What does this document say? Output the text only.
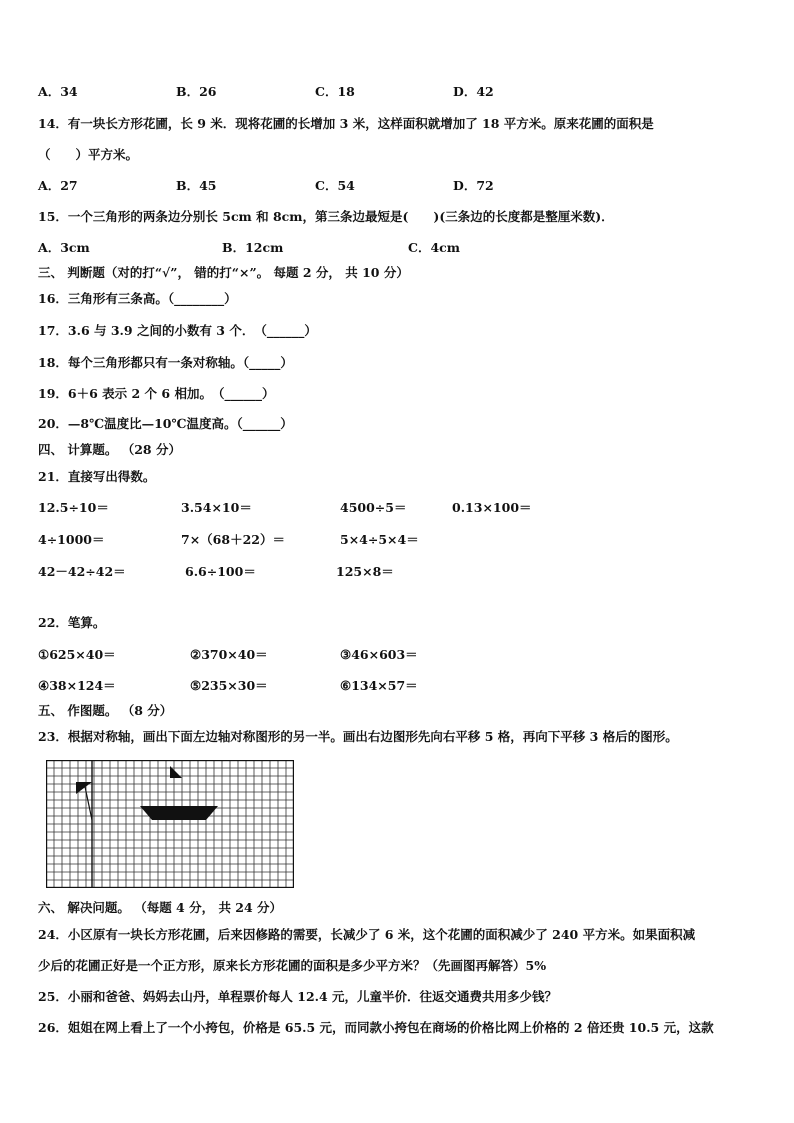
A．34	B．26	C．18	D．42
14．有一块长方形花圃，长 9 米．现将花圃的长增加 3 米，这样面积就增加了 18 平方米。原来花圃的面积是
（　　）平方米。
A．27	B．45	C．54	D．72
15．一个三角形的两条边分别长 5cm 和 8cm，第三条边最短是(　　)(三条边的长度都是整厘米数)．
A．3cm	B．12cm	C．4cm
三、 判断题（对的打“√”， 错的打“×”。 每题 2 分， 共 10 分）
16．三角形有三条高。（________）
17．3.6 与 3.9 之间的小数有 3 个．　（______）
18．每个三角形都只有一条对称轴。（_____）
19．6＋6 表示 2 个 6 相加。　（______）
20．—8℃温度比—10℃温度高。（______）
四、 计算题。 （28 分）
21．直接写出得数。
12.5÷10＝	3.54×10＝	4500÷5＝	0.13×100＝
4÷1000＝	7×（68＋22）＝	5×4÷5×4＝
42－42÷42＝	6.6÷100＝	125×8＝
22．笔算。
①625×40＝	②370×40＝	③46×603＝
④38×124＝	⑤235×30＝	⑥134×57＝
五、 作图题。 （8 分）
23．根据对称轴，画出下面左边轴对称图形的另一半。画出右边图形先向右平移 5 格，再向下平移 3 格后的图形。
六、 解决问题。 （每题 4 分， 共 24 分）
24．小区原有一块长方形花圃，后来因修路的需要，长减少了 6 米，这个花圃的面积减少了 240 平方米。如果面积减
少后的花圃正好是一个正方形，原来长方形花圃的面积是多少平方米？（先画图再解答）5%
25．小丽和爸爸、妈妈去山丹，单程票价每人 12.4 元，儿童半价．往返交通费共用多少钱？
26．姐姐在网上看上了一个小挎包，价格是 65.5 元，而同款小挎包在商场的价格比网上价格的 2 倍还贵 10.5 元，这款
